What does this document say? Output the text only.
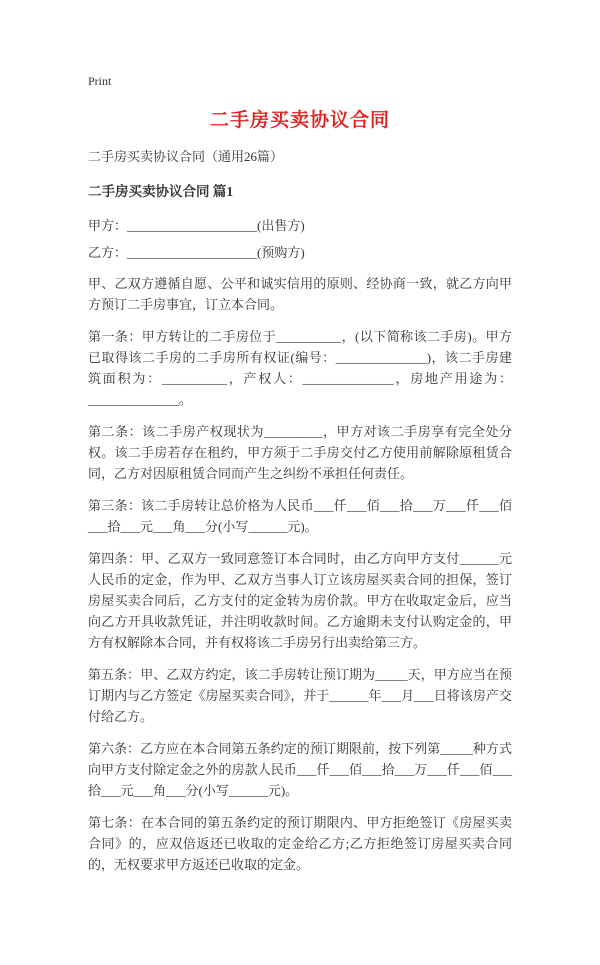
Print
二手房买卖协议合同

二手房买卖协议合同（通用26篇）

二手房买卖协议合同 篇1

甲方：____________________(出售方)

乙方：____________________(预购方)

甲、乙双方遵循自愿、公平和诚实信用的原则、经协商一致，就乙方向甲方预订二手房事宜，订立本合同。

第一条：甲方转让的二手房位于__________，(以下简称该二手房)。甲方已取得该二手房的二手房所有权证(编号：______________)，该二手房建筑面积为：__________，产权人：______________，房地产用途为：______________。

第二条：该二手房产权现状为_________，甲方对该二手房享有完全处分权。该二手房若存在租约，甲方须于二手房交付乙方使用前解除原租赁合同，乙方对因原租赁合同而产生之纠纷不承担任何责任。

第三条：该二手房转让总价格为人民币___仟___佰___拾___万___仟___佰___拾___元___角___分(小写______元)。

第四条：甲、乙双方一致同意签订本合同时，由乙方向甲方支付______元人民币的定金，作为甲、乙双方当事人订立该房屋买卖合同的担保，签订房屋买卖合同后，乙方支付的定金转为房价款。甲方在收取定金后，应当向乙方开具收款凭证，并注明收款时间。乙方逾期未支付认购定金的，甲方有权解除本合同，并有权将该二手房另行出卖给第三方。

第五条：甲、乙双方约定，该二手房转让预订期为_____天，甲方应当在预订期内与乙方签定《房屋买卖合同》，并于______年___月___日将该房产交付给乙方。

第六条：乙方应在本合同第五条约定的预订期限前，按下列第_____种方式向甲方支付除定金之外的房款人民币___仟___佰___拾___万___仟___佰___拾___元___角___分(小写______元)。

第七条：在本合同的第五条约定的预订期限内、甲方拒绝签订《房屋买卖合同》的，应双倍返还已收取的定金给乙方;乙方拒绝签订房屋买卖合同的，无权要求甲方返还已收取的定金。
